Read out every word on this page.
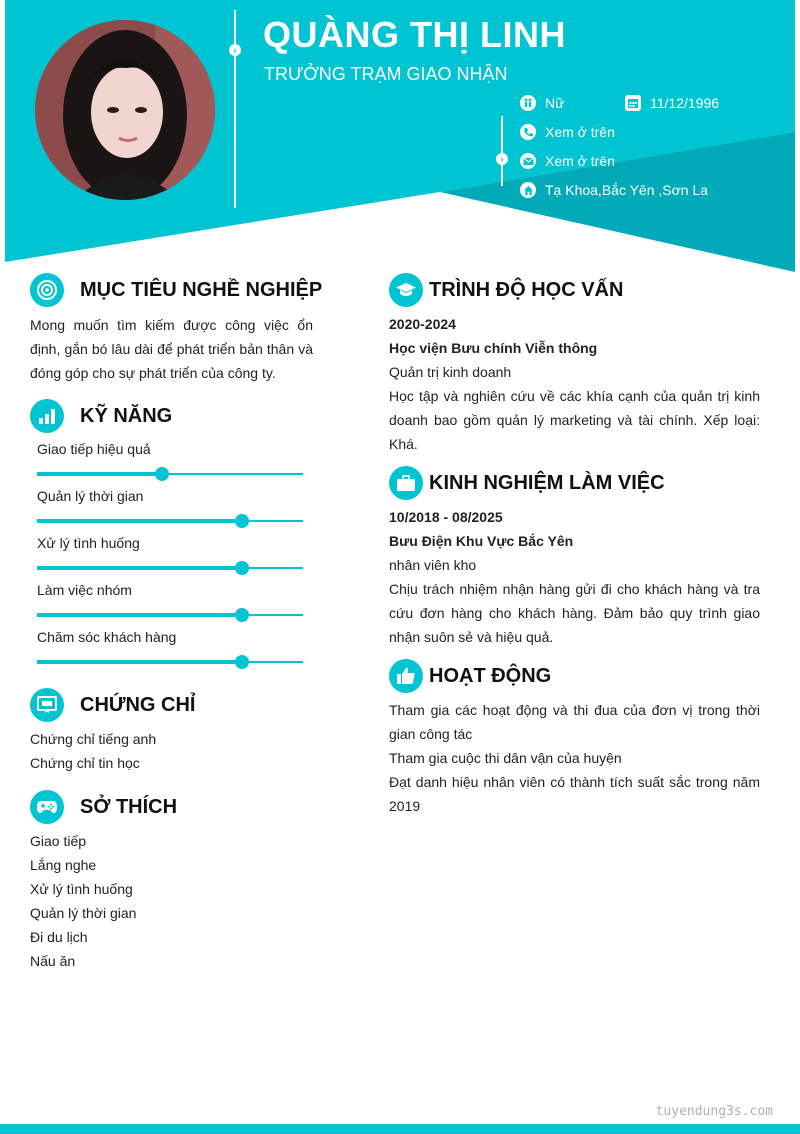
›
›
QUÀNG THỊ LINH
TRƯỞNG TRẠM GIAO NHẬN
Nữ	11/12/1996
Xem ở trên
Xem ở trên
Tạ Khoa,Bắc Yên ,Sơn La
MỤC TIÊU NGHỀ NGHIỆP
Mong muốn tìm kiếm được công việc ổn định, gắn bó lâu dài để phát triển bản thân và đóng góp cho sự phát triển của công ty.
KỸ NĂNG
Giao tiếp hiệu quả
Quản lý thời gian
Xử lý tình huống
Làm việc nhóm
Chăm sóc khách hàng
CHỨNG CHỈ
Chứng chỉ tiếng anh
Chứng chỉ tin học
SỞ THÍCH
Giao tiếp
Lắng nghe
Xử lý tình huống
Quản lý thời gian
Đi du lịch
Nấu ăn
TRÌNH ĐỘ HỌC VẤN
2020-2024
Học viện Bưu chính Viễn thông
Quản trị kinh doanh
Học tập và nghiên cứu về các khía cạnh của quản trị kinh doanh bao gồm quản lý marketing và tài chính. Xếp loại: Khá.
KINH NGHIỆM LÀM VIỆC
10/2018 - 08/2025
Bưu Điện Khu Vực Bắc Yên
nhân viên kho
Chịu trách nhiệm nhận hàng gửi đi cho khách hàng và tra cứu đơn hàng cho khách hàng. Đảm bảo quy trình giao nhận suôn sẻ và hiệu quả.
HOẠT ĐỘNG
Tham gia các hoạt động và thi đua của đơn vị trong thời gian công tác
Tham gia cuộc thi dân vận của huyện
Đạt danh hiệu nhân viên có thành tích suất sắc trong năm 2019
tuyendung3s.com
